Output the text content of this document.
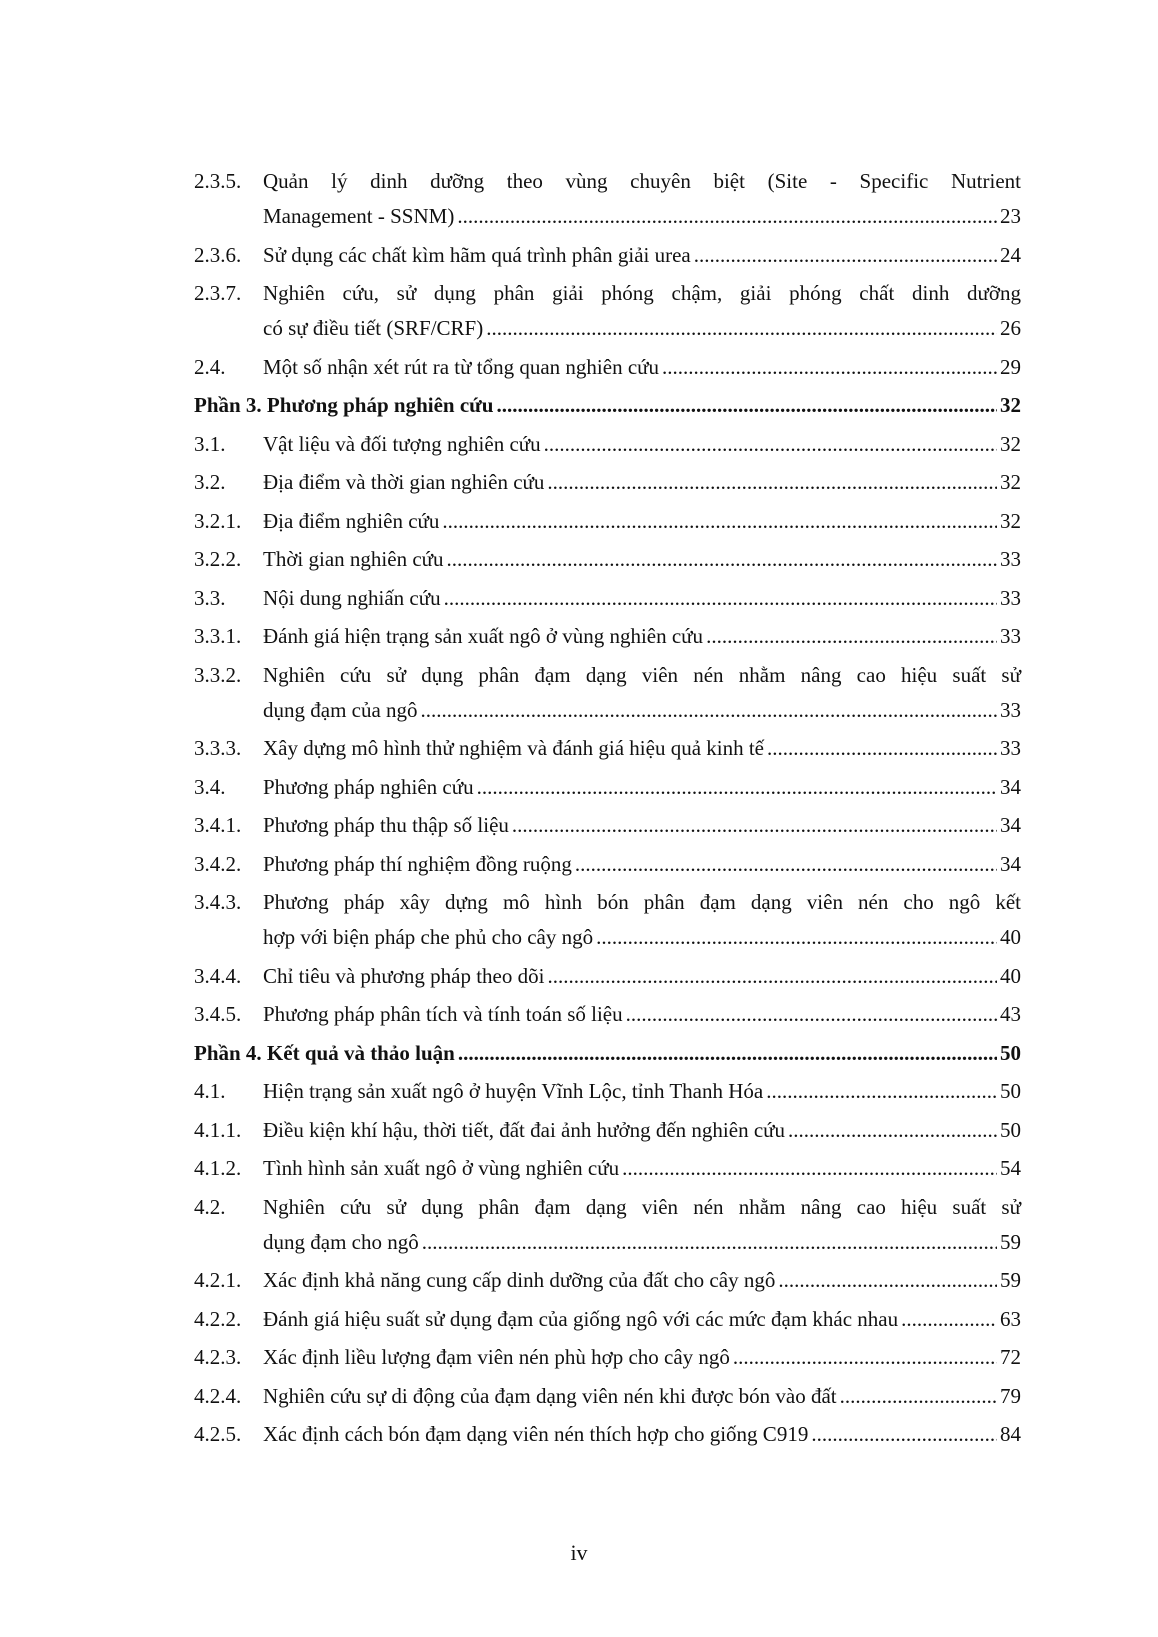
2.3.5.	Quản lý dinh dưỡng theo vùng chuyên biệt (Site - Specific Nutrient
Management - SSNM) .....	23
2.3.6.	Sử dụng các chất kìm hãm quá trình phân giải urea .....	24
2.3.7.	Nghiên cứu, sử dụng phân giải phóng chậm, giải phóng chất dinh dưỡng
có sự điều tiết (SRF/CRF) .....	26
2.4.	Một số nhận xét rút ra từ tổng quan nghiên cứu .....	29
Phần 3. Phương pháp nghiên cứu .....	32
3.1.	Vật liệu và đối tượng nghiên cứu .....	32
3.2.	Địa điểm và thời gian nghiên cứu .....	32
3.2.1.	Địa điểm nghiên cứu .....	32
3.2.2.	Thời gian nghiên cứu .....	33
3.3.	Nội dung nghiấn cứu .....	33
3.3.1.	Đánh giá hiện trạng sản xuất ngô ở vùng nghiên cứu .....	33
3.3.2.	Nghiên cứu sử dụng phân đạm dạng viên nén nhằm nâng cao hiệu suất sử
dụng đạm của ngô .....	33
3.3.3.	Xây dựng mô hình thử nghiệm và đánh giá hiệu quả kinh tế .....	33
3.4.	Phương pháp nghiên cứu .....	34
3.4.1.	Phương pháp thu thập số liệu .....	34
3.4.2.	Phương pháp thí nghiệm đồng ruộng .....	34
3.4.3.	Phương pháp xây dựng mô hình bón phân đạm dạng viên nén cho ngô kết
hợp với biện pháp che phủ cho cây ngô .....	40
3.4.4.	Chỉ tiêu và phương pháp theo dõi .....	40
3.4.5.	Phương pháp phân tích và tính toán số liệu .....	43
Phần 4. Kết quả và thảo luận .....	50
4.1.	Hiện trạng sản xuất ngô ở huyện Vĩnh Lộc, tỉnh Thanh Hóa .....	50
4.1.1.	Điều kiện khí hậu, thời tiết, đất đai ảnh hưởng đến nghiên cứu .....	50
4.1.2.	Tình hình sản xuất ngô ở vùng nghiên cứu .....	54
4.2.	Nghiên cứu sử dụng phân đạm dạng viên nén nhằm nâng cao hiệu suất sử
dụng đạm cho ngô .....	59
4.2.1.	Xác định khả năng cung cấp dinh dưỡng của đất cho cây ngô .....	59
4.2.2.	Đánh giá hiệu suất sử dụng đạm của giống ngô với các mức đạm khác nhau .....	63
4.2.3.	Xác định liều lượng đạm viên nén phù hợp cho cây ngô .....	72
4.2.4.	Nghiên cứu sự di động của đạm dạng viên nén khi được bón vào đất .....	79
4.2.5.	Xác định cách bón đạm dạng viên nén thích hợp cho giống C919 .....	84
iv
